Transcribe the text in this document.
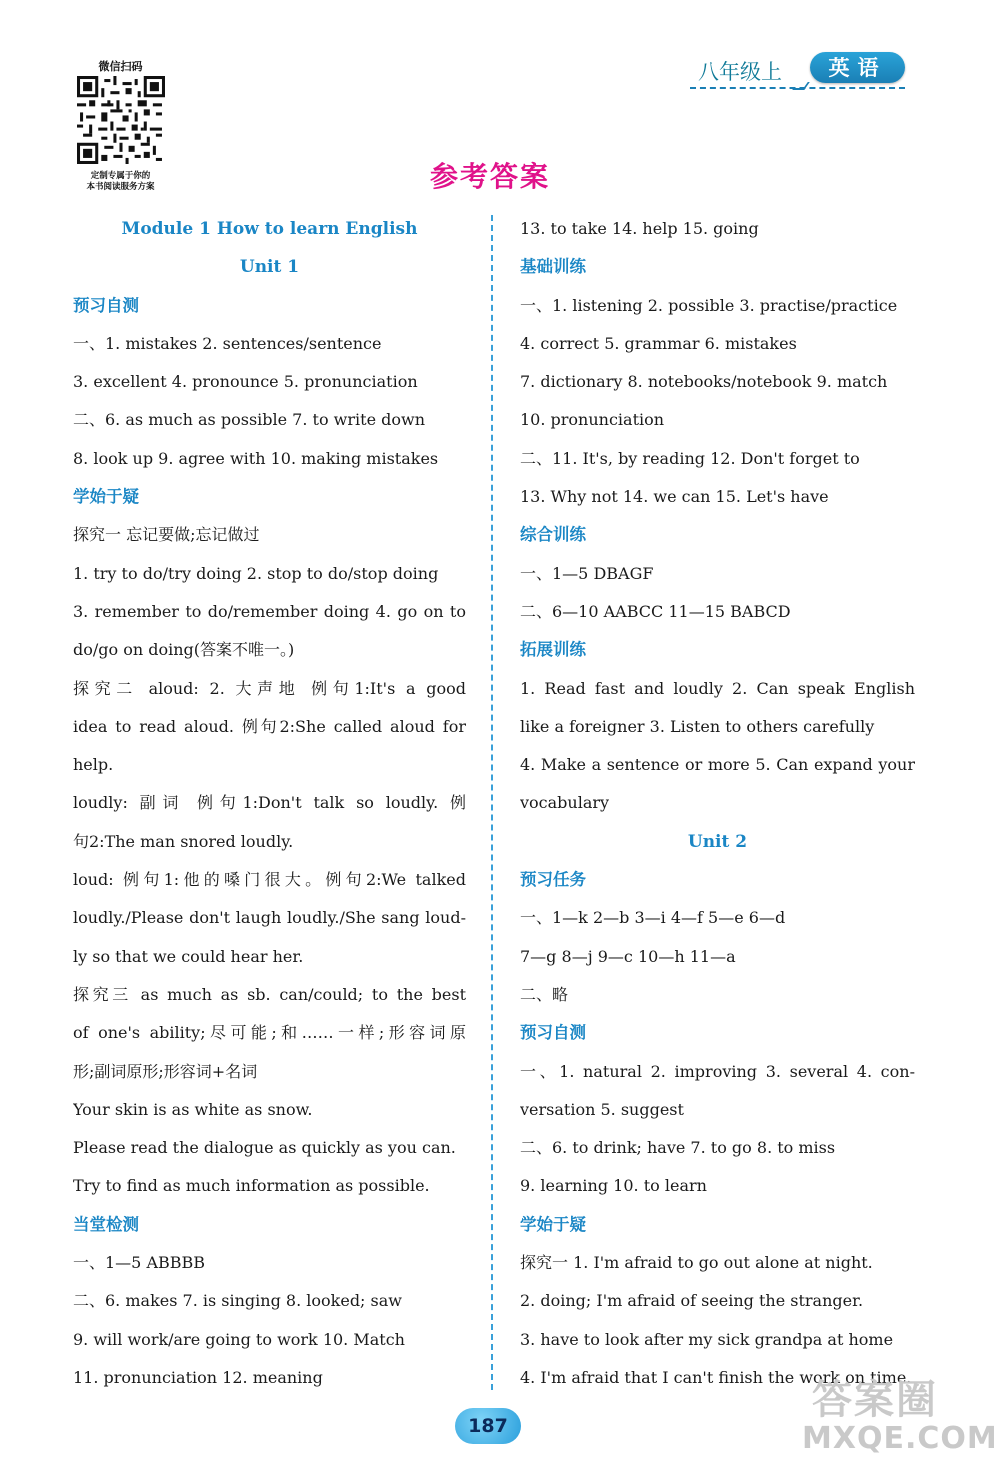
微信扫码
定制专属于你的
本书阅读服务方案
八年级上	英语
参考答案
Module 1 How to learn English
Unit 1
预习自测
一、1. mistakes 2. sentences/sentence
3. excellent 4. pronounce 5. pronunciation
二、6. as much as possible 7. to write down
8. look up 9. agree with 10. making mistakes
学始于疑
探究一 忘记要做;忘记做过
1. try to do/try doing 2. stop to do/stop doing
3. remember to do/remember doing 4. go on to
do/go on doing(答案不唯一。)
探究二 aloud: 2. 大声地 例句1:It's a good
idea to read aloud. 例句2:She called aloud for
help.
loudly: 副词 例句1:Don't talk so loudly. 例
句2:The man snored loudly.
loud: 例句1:他的嗓门很大。例句2:We talked
loudly./Please don't laugh loudly./She sang loud-
ly so that we could hear her.
探究三 as much as sb. can/could; to the best
of one's ability;尽可能;和……一样;形容词原
形;副词原形;形容词+名词
Your skin is as white as snow.
Please read the dialogue as quickly as you can.
Try to find as much information as possible.
当堂检测
一、1—5 ABBBB
二、6. makes 7. is singing 8. looked; saw
9. will work/are going to work 10. Match
11. pronunciation 12. meaning
13. to take 14. help 15. going
基础训练
一、1. listening 2. possible 3. practise/practice
4. correct 5. grammar 6. mistakes
7. dictionary 8. notebooks/notebook 9. match
10. pronunciation
二、11. It's, by reading 12. Don't forget to
13. Why not 14. we can 15. Let's have
综合训练
一、1—5 DBAGF
二、6—10 AABCC 11—15 BABCD
拓展训练
1. Read fast and loudly 2. Can speak English
like a foreigner 3. Listen to others carefully
4. Make a sentence or more 5. Can expand your
vocabulary
Unit 2
预习任务
一、1—k 2—b 3—i 4—f 5—e 6—d
7—g 8—j 9—c 10—h 11—a
二、略
预习自测
一、1. natural 2. improving 3. several 4. con-
versation 5. suggest
二、6. to drink; have 7. to go 8. to miss
9. learning 10. to learn
学始于疑
探究一 1. I'm afraid to go out alone at night.
2. doing; I'm afraid of seeing the stranger.
3. have to look after my sick grandpa at home
4. I'm afraid that I can't finish the work on time.
187
答案圈
MXQE.COM
